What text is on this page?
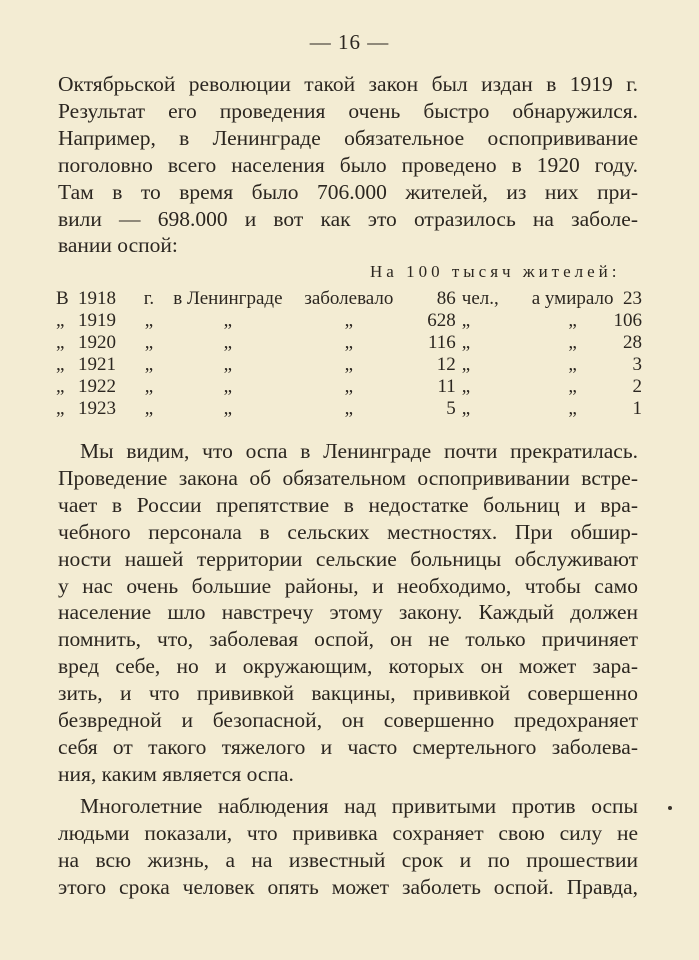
— 16 —

Октябрьской революции такой закон был издан в 1919 г.
Результат его проведения очень быстро обнаружился.
Например, в Ленинграде обязательное оспопрививание
поголовно всего населения было проведено в 1920 году.
Там в то время было 706.000 жителей, из них при-
вили — 698.000 и вот как это отразилось на заболе-
вании оспой:

На 100 тысяч жителей:
В	1918	г.	в Ленинграде	заболевало	86	чел.,	а умирало	23
„	1919	„	„	„	628	„	„	106
„	1920	„	„	„	116	„	„	28
„	1921	„	„	„	12	„	„	3
„	1922	„	„	„	11	„	„	2
„	1923	„	„	„	5	„	„	1

Мы видим, что оспа в Ленинграде почти прекратилась.
Проведение закона об обязательном оспопрививании встре-
чает в России препятствие в недостатке больниц и вра-
чебного персонала в сельских местностях. При обшир-
ности нашей территории сельские больницы обслуживают
у нас очень большие районы, и необходимо, чтобы само
население шло навстречу этому закону. Каждый должен
помнить, что, заболевая оспой, он не только причиняет
вред себе, но и окружающим, которых он может зара-
зить, и что прививкой вакцины, прививкой совершенно
безвредной и безопасной, он совершенно предохраняет
себя от такого тяжелого и часто смертельного заболева-
ния, каким является оспа.

Многолетние наблюдения над привитыми против оспы
людьми показали, что прививка сохраняет свою силу не
на всю жизнь, а на известный срок и по прошествии
этого срока человек опять может заболеть оспой. Правда,
